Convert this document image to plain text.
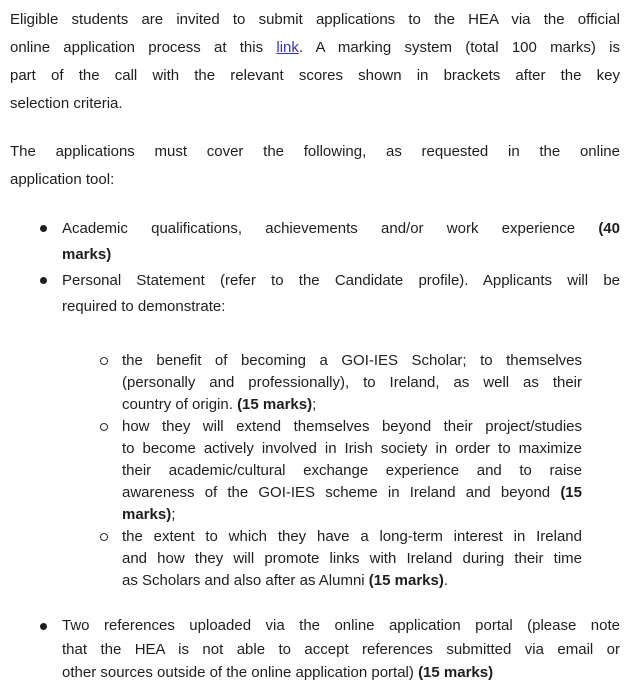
Eligible students are invited to submit applications to the HEA via the official
online application process at this link. A marking system (total 100 marks) is
part of the call with the relevant scores shown in brackets after the key
selection criteria.
The applications must cover the following, as requested in the online
application tool:
Academic qualifications, achievements and/or work experience (40
marks)
Personal Statement (refer to the Candidate profile). Applicants will be
required to demonstrate:
the benefit of becoming a GOI-IES Scholar; to themselves
(personally and professionally), to Ireland, as well as their
country of origin. (15 marks);
how they will extend themselves beyond their project/studies
to become actively involved in Irish society in order to maximize
their academic/cultural exchange experience and to raise
awareness of the GOI-IES scheme in Ireland and beyond (15
marks);
the extent to which they have a long-term interest in Ireland
and how they will promote links with Ireland during their time
as Scholars and also after as Alumni (15 marks).
Two references uploaded via the online application portal (please note
that the HEA is not able to accept references submitted via email or
other sources outside of the online application portal) (15 marks)
